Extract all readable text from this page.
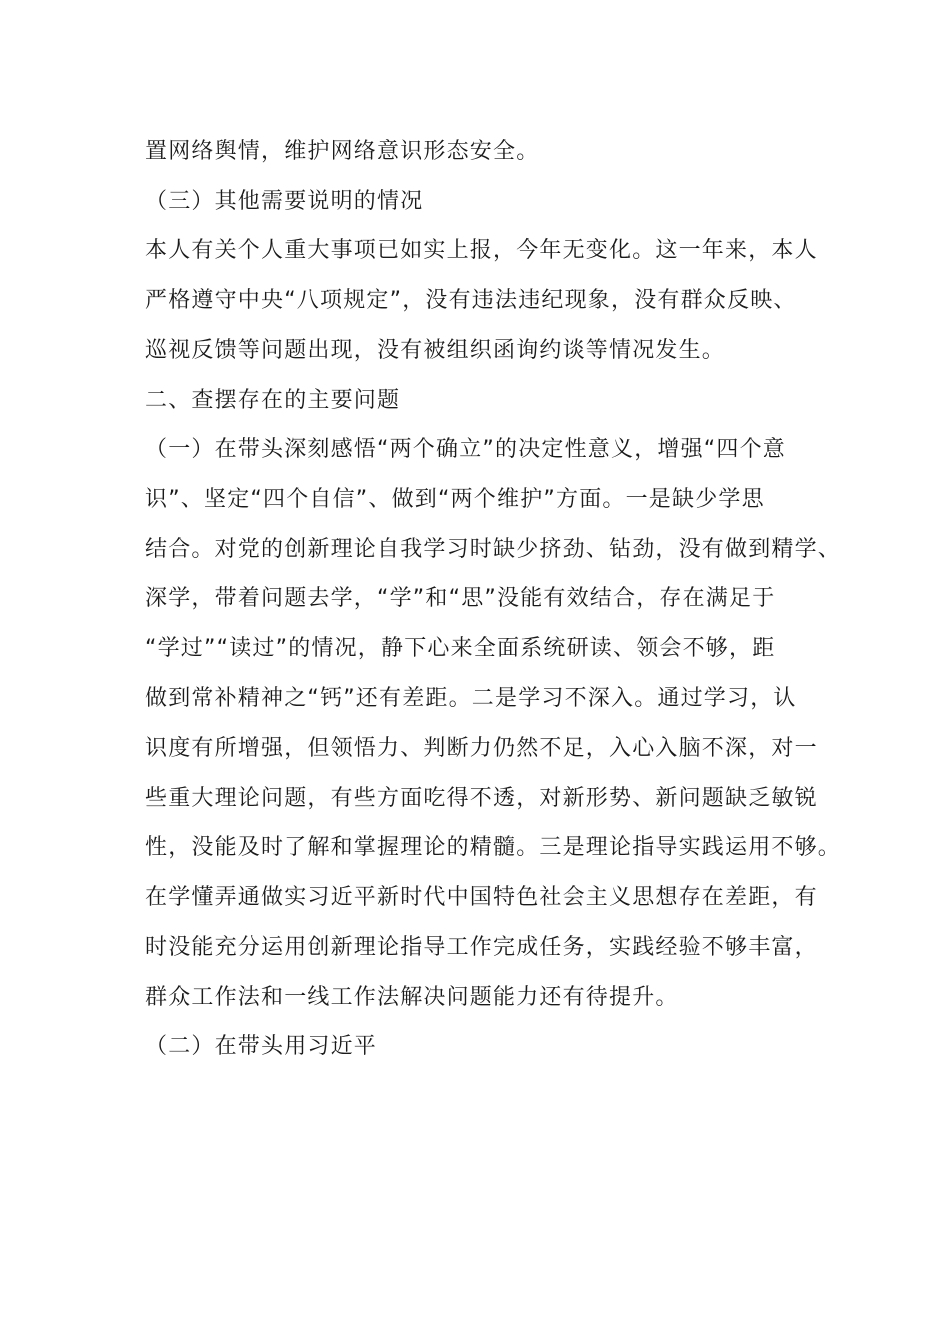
置网络舆情，维护网络意识形态安全。
（三）其他需要说明的情况
本人有关个人重大事项已如实上报，今年无变化。这一年来，本人
严格遵守中央“八项规定”，没有违法违纪现象，没有群众反映、
巡视反馈等问题出现，没有被组织函询约谈等情况发生。
二、查摆存在的主要问题
（一）在带头深刻感悟“两个确立”的决定性意义，增强“四个意
识”、坚定“四个自信”、做到“两个维护”方面。一是缺少学思
结合。对党的创新理论自我学习时缺少挤劲、钻劲，没有做到精学、
深学，带着问题去学，“学”和“思”没能有效结合，存在满足于
“学过”“读过”的情况，静下心来全面系统研读、领会不够，距
做到常补精神之“钙”还有差距。二是学习不深入。通过学习，认
识度有所增强，但领悟力、判断力仍然不足，入心入脑不深，对一
些重大理论问题，有些方面吃得不透，对新形势、新问题缺乏敏锐
性，没能及时了解和掌握理论的精髓。三是理论指导实践运用不够。
在学懂弄通做实习近平新时代中国特色社会主义思想存在差距，有
时没能充分运用创新理论指导工作完成任务，实践经验不够丰富，
群众工作法和一线工作法解决问题能力还有待提升。
（二）在带头用习近平
